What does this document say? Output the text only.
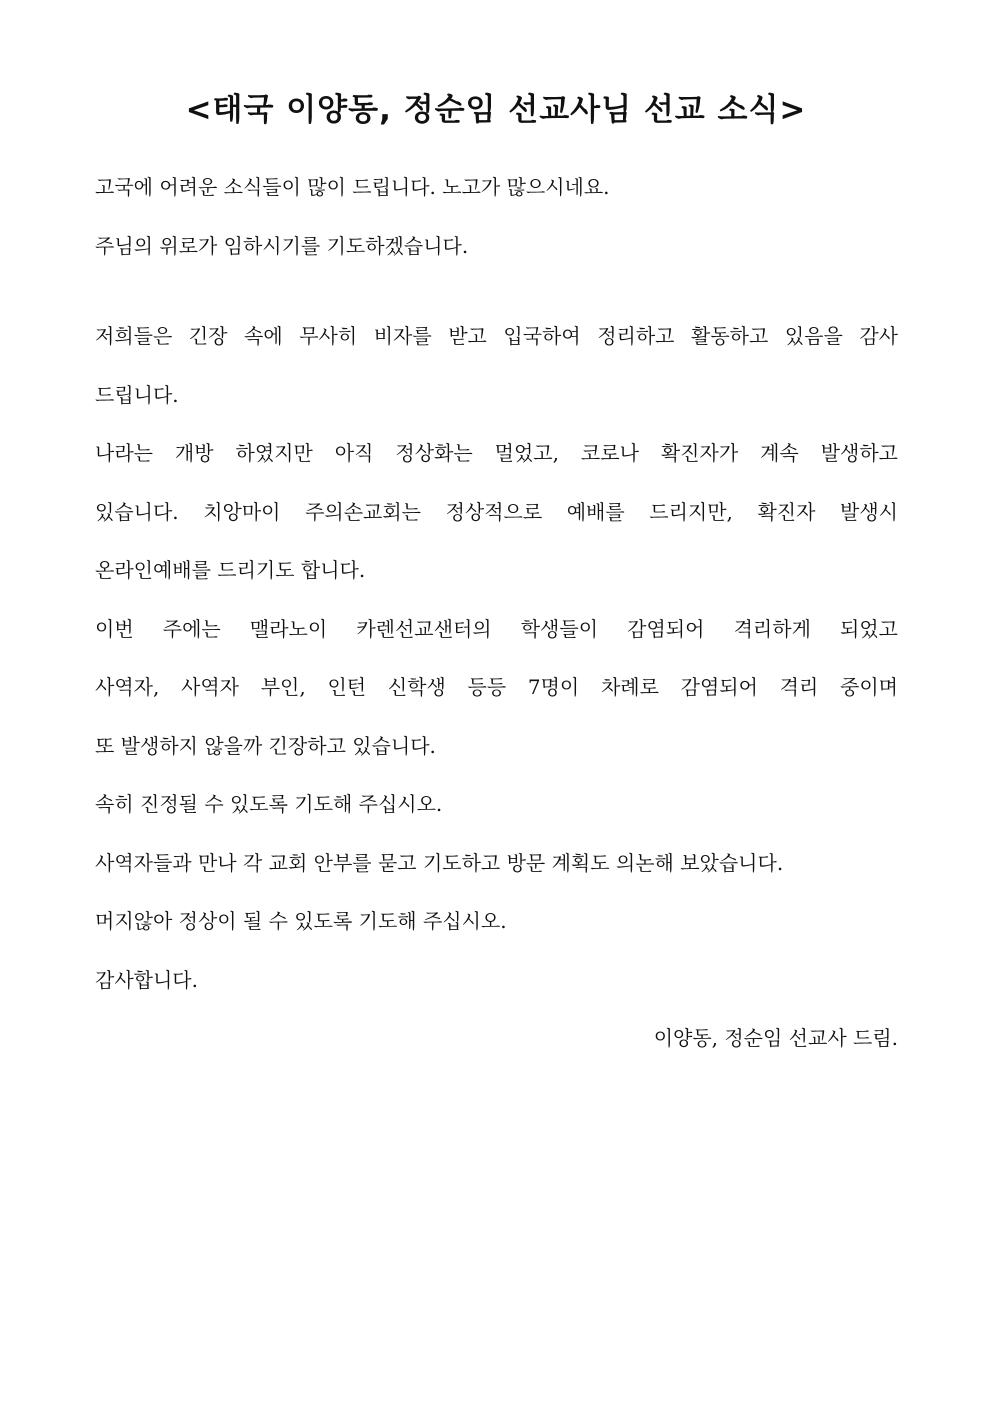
<태국 이양동, 정순임 선교사님 선교 소식>
고국에 어려운 소식들이 많이 드립니다. 노고가 많으시네요.
주님의 위로가 임하시기를 기도하겠습니다.
저희들은 긴장 속에 무사히 비자를 받고 입국하여 정리하고 활동하고 있음을 감사
드립니다.
나라는 개방 하였지만 아직 정상화는 멀었고, 코로나 확진자가 계속 발생하고
있습니다. 치앙마이 주의손교회는 정상적으로 예배를 드리지만, 확진자 발생시
온라인예배를 드리기도 합니다.
이번 주에는 맬라노이 카렌선교샌터의 학생들이 감염되어 격리하게 되었고
사역자, 사역자 부인, 인턴 신학생 등등 7명이 차례로 감염되어 격리 중이며
또 발생하지 않을까 긴장하고 있습니다.
속히 진정될 수 있도록 기도해 주십시오.
사역자들과 만나 각 교회 안부를 묻고 기도하고 방문 계획도 의논해 보았습니다.
머지않아 정상이 될 수 있도록 기도해 주십시오.
감사합니다.
이양동, 정순임 선교사 드림.
